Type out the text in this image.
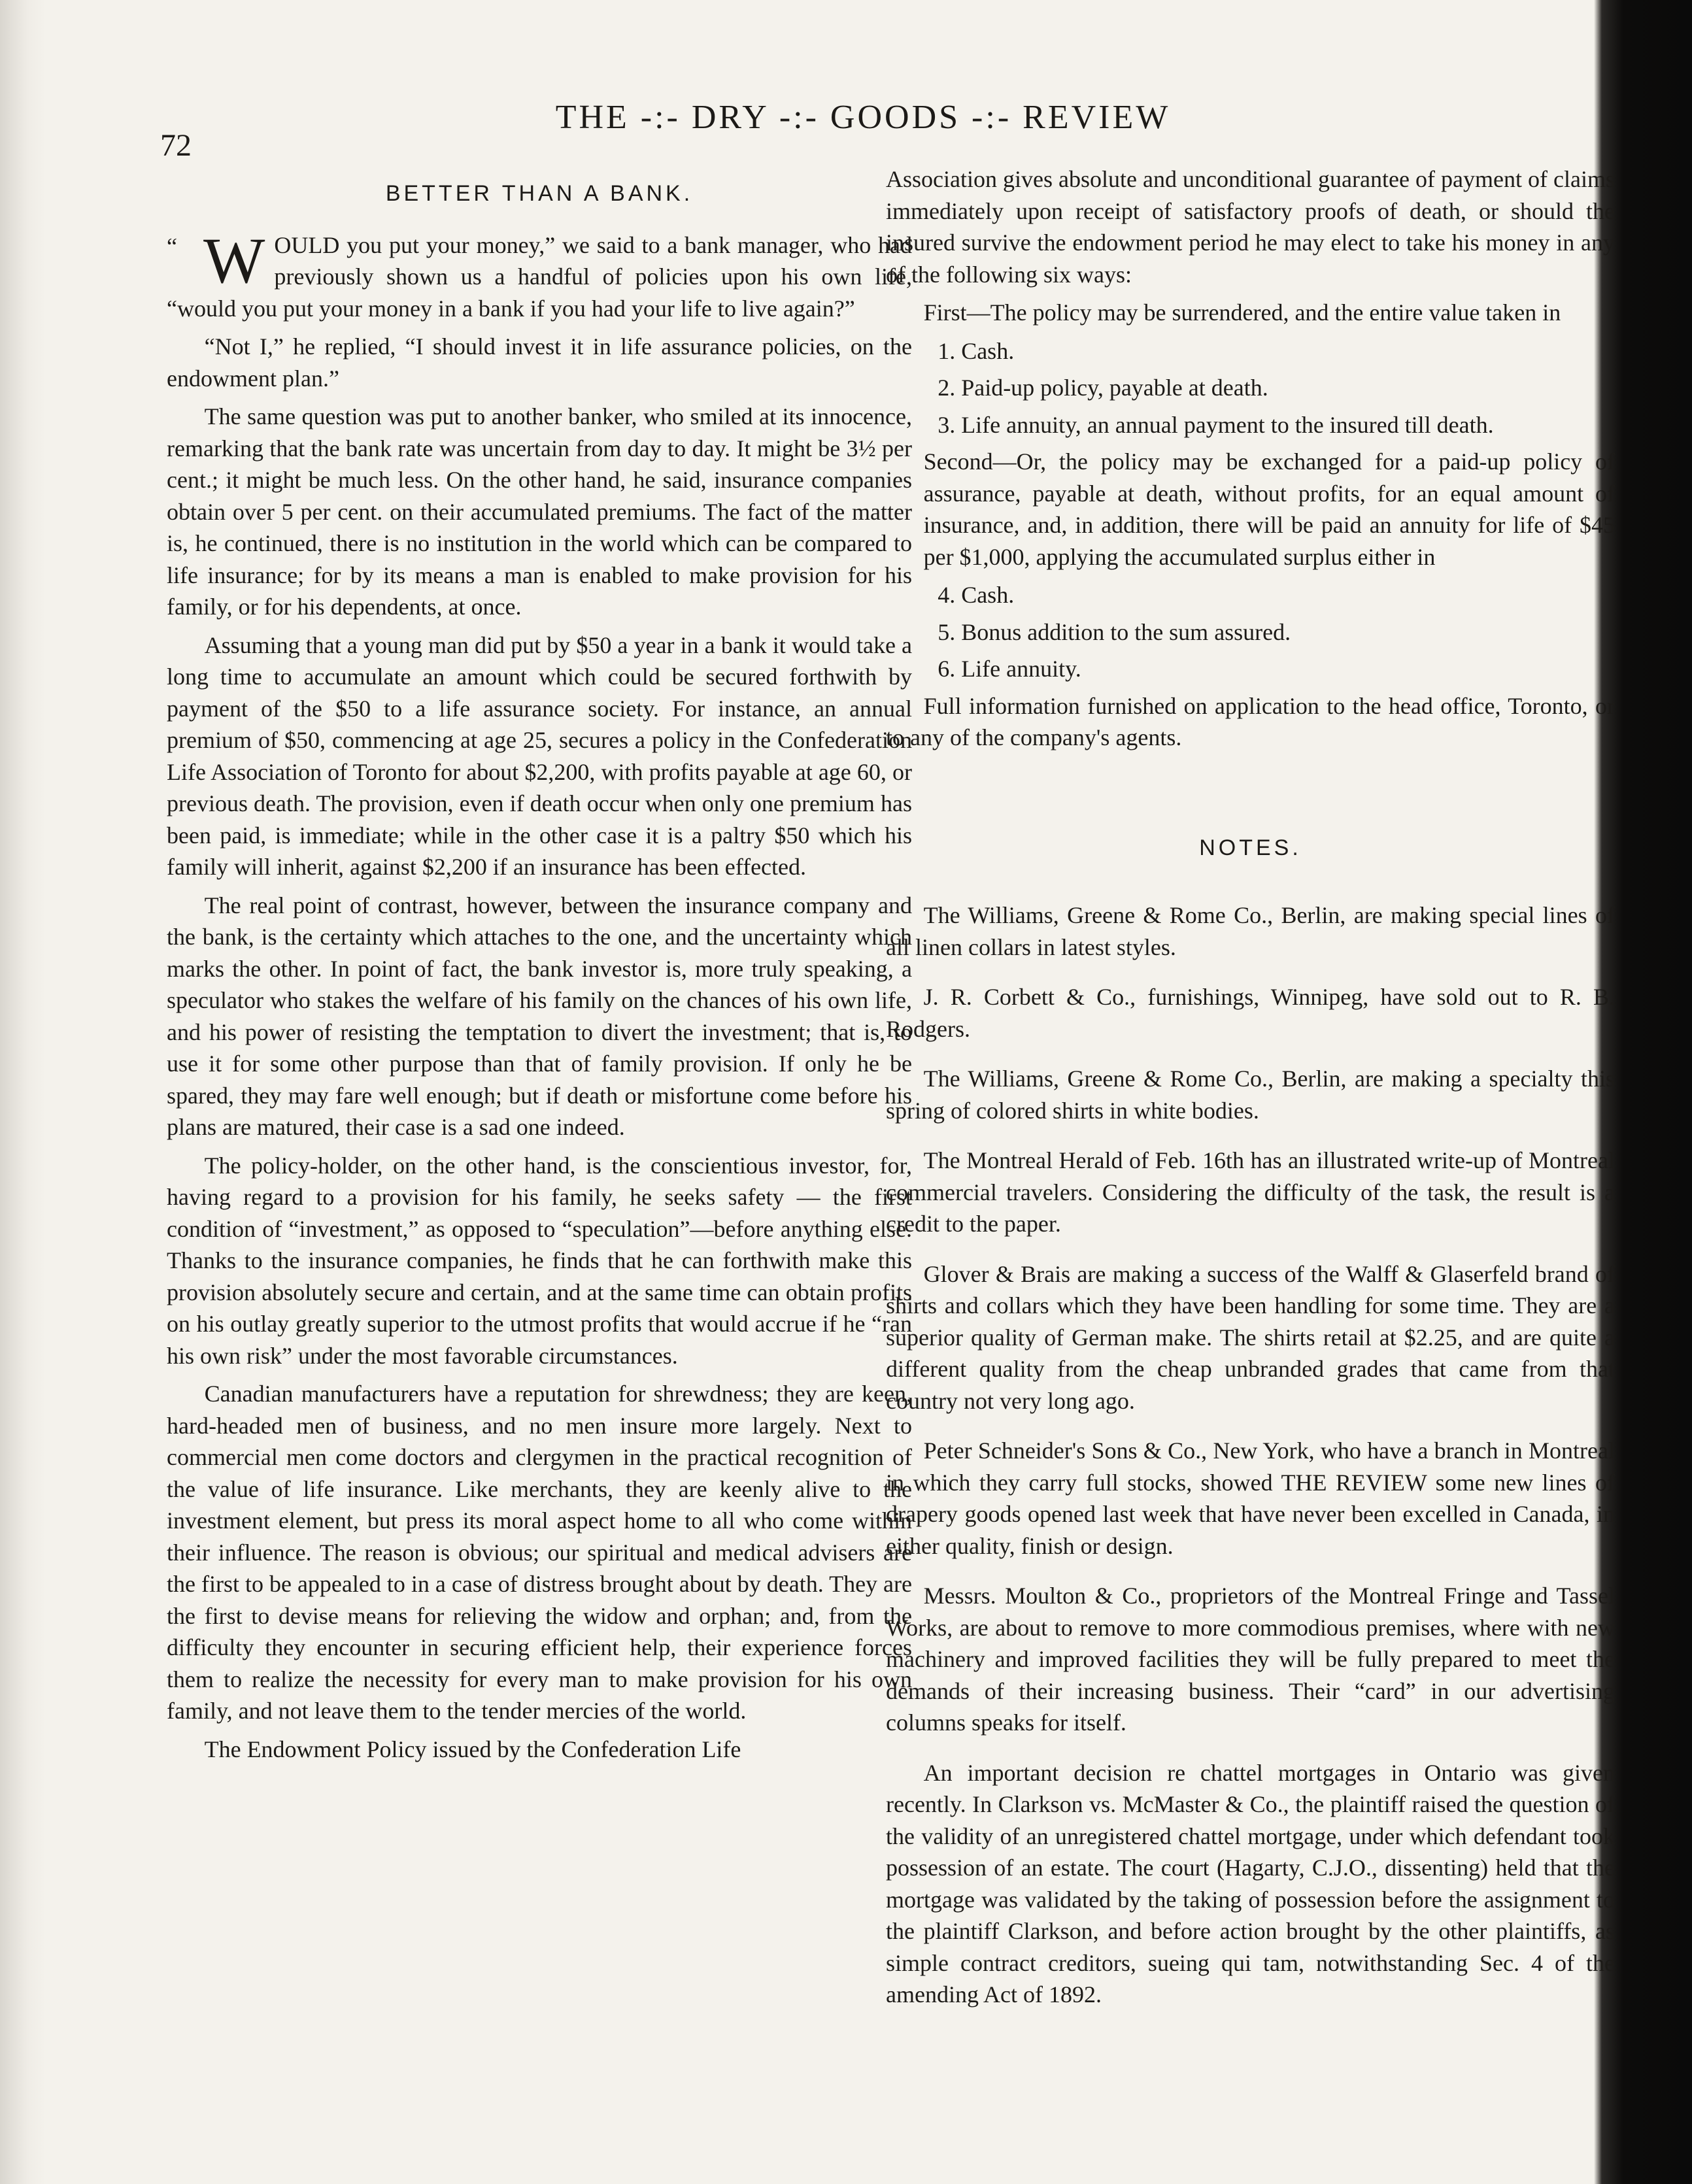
72
THE -:- DRY -:- GOODS -:- REVIEW
BETTER THAN A BANK.

“ W OULD you put your money,” we said to a bank manager, who had previously shown us a handful of policies upon his own life, “would you put your money in a bank if you had your life to live again?”

“Not I,” he replied, “I should invest it in life assurance policies, on the endowment plan.”

The same question was put to another banker, who smiled at its innocence, remarking that the bank rate was uncertain from day to day. It might be 3½ per cent.; it might be much less. On the other hand, he said, insurance companies obtain over 5 per cent. on their accumulated premiums. The fact of the matter is, he continued, there is no institution in the world which can be compared to life insurance; for by its means a man is enabled to make provision for his family, or for his dependents, at once.

Assuming that a young man did put by $50 a year in a bank it would take a long time to accumulate an amount which could be secured forthwith by payment of the $50 to a life assurance society. For instance, an annual premium of $50, commencing at age 25, secures a policy in the Confederation Life Association of Toronto for about $2,200, with profits payable at age 60, or previous death. The provision, even if death occur when only one premium has been paid, is immediate; while in the other case it is a paltry $50 which his family will inherit, against $2,200 if an insurance has been effected.

The real point of contrast, however, between the insurance company and the bank, is the certainty which attaches to the one, and the uncertainty which marks the other. In point of fact, the bank investor is, more truly speaking, a speculator who stakes the welfare of his family on the chances of his own life, and his power of resisting the temptation to divert the investment; that is, to use it for some other purpose than that of family provision. If only he be spared, they may fare well enough; but if death or misfortune come before his plans are matured, their case is a sad one indeed.

The policy-holder, on the other hand, is the conscientious investor, for, having regard to a provision for his family, he seeks safety — the first condition of “investment,” as opposed to “speculation”—before anything else. Thanks to the insurance companies, he finds that he can forthwith make this provision absolutely secure and certain, and at the same time can obtain profits on his outlay greatly superior to the utmost profits that would accrue if he “ran his own risk” under the most favorable circumstances.

Canadian manufacturers have a reputation for shrewdness; they are keen, hard-headed men of business, and no men insure more largely. Next to commercial men come doctors and clergymen in the practical recognition of the value of life insurance. Like merchants, they are keenly alive to the investment element, but press its moral aspect home to all who come within their influence. The reason is obvious; our spiritual and medical advisers are the first to be appealed to in a case of distress brought about by death. They are the first to devise means for relieving the widow and orphan; and, from the difficulty they encounter in securing efficient help, their experience forces them to realize the necessity for every man to make provision for his own family, and not leave them to the tender mercies of the world.

The Endowment Policy issued by the Confederation Life

Association gives absolute and unconditional guarantee of payment of claims immediately upon receipt of satisfactory proofs of death, or should the insured survive the endowment period he may elect to take his money in any of the following six ways:

First—The policy may be surrendered, and the entire value taken in

1. Cash.
2. Paid-up policy, payable at death.
3. Life annuity, an annual payment to the insured till death.

Second—Or, the policy may be exchanged for a paid-up policy of assurance, payable at death, without profits, for an equal amount of insurance, and, in addition, there will be paid an annuity for life of $45 per $1,000, applying the accumulated surplus either in

4. Cash.
5. Bonus addition to the sum assured.
6. Life annuity.

Full information furnished on application to the head office, Toronto, or to any of the company's agents.

NOTES.

The Williams, Greene & Rome Co., Berlin, are making special lines of all linen collars in latest styles.

J. R. Corbett & Co., furnishings, Winnipeg, have sold out to R. B. Rodgers.

The Williams, Greene & Rome Co., Berlin, are making a specialty this spring of colored shirts in white bodies.

The Montreal Herald of Feb. 16th has an illustrated write-up of Montreal commercial travelers. Considering the difficulty of the task, the result is a credit to the paper.

Glover & Brais are making a success of the Walff & Glaserfeld brand of shirts and collars which they have been handling for some time. They are a superior quality of German make. The shirts retail at $2.25, and are quite a different quality from the cheap unbranded grades that came from that country not very long ago.

Peter Schneider's Sons & Co., New York, who have a branch in Montreal in which they carry full stocks, showed THE REVIEW some new lines of drapery goods opened last week that have never been excelled in Canada, in either quality, finish or design.

Messrs. Moulton & Co., proprietors of the Montreal Fringe and Tassel Works, are about to remove to more commodious premises, where with new machinery and improved facilities they will be fully prepared to meet the demands of their increasing business. Their “card” in our advertising columns speaks for itself.

An important decision re chattel mortgages in Ontario was given recently. In Clarkson vs. McMaster & Co., the plaintiff raised the question of the validity of an unregistered chattel mortgage, under which defendant took possession of an estate. The court (Hagarty, C.J.O., dissenting) held that the mortgage was validated by the taking of possession before the assignment to the plaintiff Clarkson, and before action brought by the other plaintiffs, as simple contract creditors, sueing qui tam, notwithstanding Sec. 4 of the amending Act of 1892.
